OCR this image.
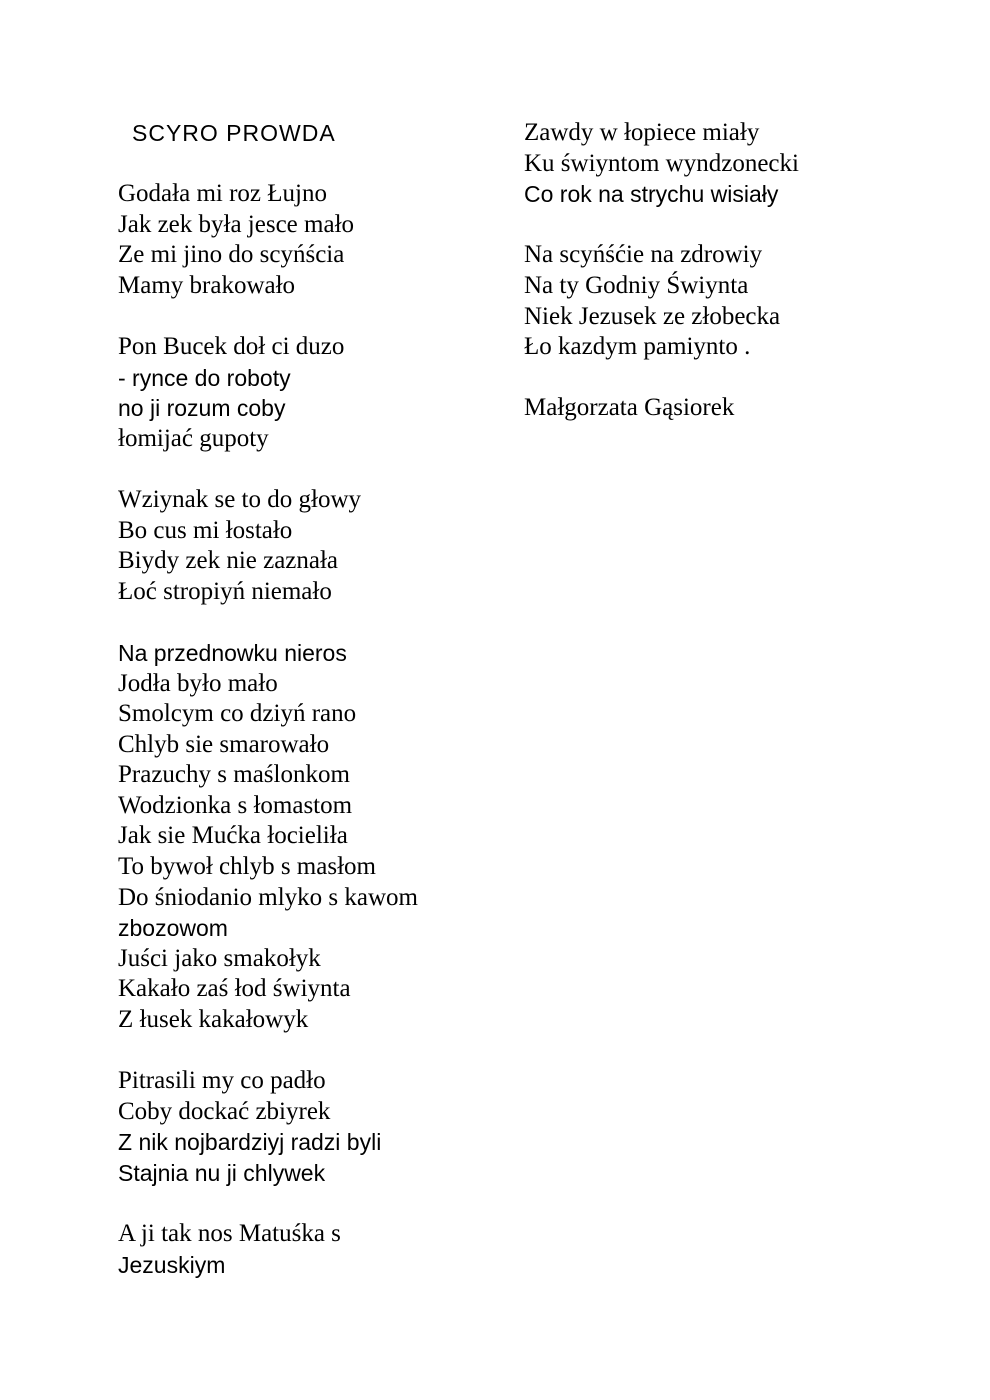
SCYRO PROWDA
Godała mi roz Łujno
Jak zek była jesce mało
Ze mi jino do scyńścia
Mamy brakowało
Pon Bucek doł ci duzo
- ryncе do roboty
no ji rozum coby
łomijać gupoty
Wziynak se to do głowy
Bo cus mi łostało
Biydy zek nie zaznała
Łoć stropiyń niemało
Na przednowku nieros
Jodła było mało
Smolcym co dziyń rano
Chlyb sie smarowało
Prazuchy s maślonkom
Wodzionka s łomastom
Jak sie Mućka łocieliła
To bywoł chlyb s masłom
Do śniodanio mlyko s kawom
zbozowom
Juści jako smakołyk
Kakało zaś łod świynta
Z łusek kakałowyk
Pitrasili my co padło
Coby dockać zbiyrek
Z nik nojbardziyj radzi byli
Stajnia nu ji chlywek
A ji tak nos Matuśka s
Jezuskiym
Zawdy w łopiece miały
Ku świyntom wyndzonecki
Co rok na strychu wisiały
Na scyńśćie na zdrowiy
Na ty Godniy Świynta
Niek Jezusek ze złobecka
Ło kazdym pamiynto .
Małgorzata Gąsiorek
